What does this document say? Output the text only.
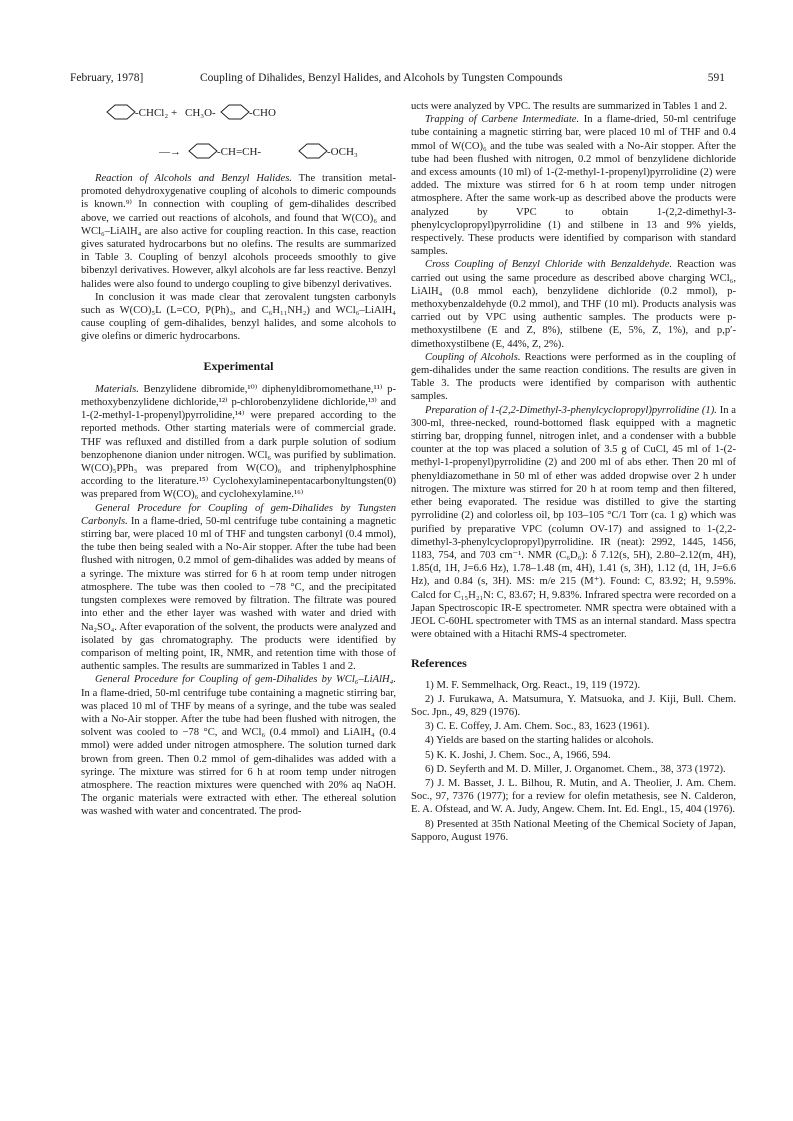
February, 1978]	Coupling of Dihalides, Benzyl Halides, and Alcohols by Tungsten Compounds	591
-CHCl₂ + CH₃O-	-CHO
—→	-CH=CH-	-OCH₃

Reaction of Alcohols and Benzyl Halides. The transition metal-promoted dehydroxygenative coupling of alcohols to dimeric compounds is known.⁹⁾ In connection with coupling of gem-dihalides described above, we carried out reactions of alcohols, and found that W(CO)₆ and WCl₆–LiAlH₄ are also active for coupling reaction. In this case, reaction gives saturated hydrocarbons but no olefins. The results are summarized in Table 3. Coupling of benzyl alcohols proceeds smoothly to give bibenzyl derivatives. However, alkyl alcohols are far less reactive. Benzyl halides were also found to undergo coupling to give bibenzyl derivatives.

In conclusion it was made clear that zerovalent tungsten carbonyls such as W(CO)₅L (L=CO, P(Ph)₃, and C₆H₁₁NH₂) and WCl₆–LiAlH₄ cause coupling of gem-dihalides, benzyl halides, and some alcohols to give olefins or dimeric hydrocarbons.

Experimental

Materials. Benzylidene dibromide,¹⁰⁾ diphenyldibromomethane,¹¹⁾ p-methoxybenzylidene dichloride,¹²⁾ p-chlorobenzylidene dichloride,¹³⁾ and 1-(2-methyl-1-propenyl)pyrrolidine,¹⁴⁾ were prepared according to the reported methods. Other starting materials were of commercial grade. THF was refluxed and distilled from a dark purple solution of sodium benzophenone dianion under nitrogen. WCl₆ was purified by sublimation. W(CO)₅PPh₃ was prepared from W(CO)₆ and triphenylphosphine according to the literature.¹⁵⁾ Cyclohexylaminepentacarbonyltungsten(0) was prepared from W(CO)₆ and cyclohexylamine.¹⁶⁾

General Procedure for Coupling of gem-Dihalides by Tungsten Carbonyls. In a flame-dried, 50-ml centrifuge tube containing a magnetic stirring bar, were placed 10 ml of THF and tungsten carbonyl (0.4 mmol), the tube then being sealed with a No-Air stopper. After the tube had been flushed with nitrogen, 0.2 mmol of gem-dihalides was added by means of a syringe. The mixture was stirred for 6 h at room temp under nitrogen atmosphere. The tube was then cooled to −78 °C, and the precipitated tungsten complexes were removed by filtration. The filtrate was poured into ether and the ether layer was washed with water and dried with Na₂SO₄. After evaporation of the solvent, the products were analyzed and isolated by gas chromatography. The products were identified by comparison of melting point, IR, NMR, and retention time with those of authentic samples. The results are summarized in Tables 1 and 2.

General Procedure for Coupling of gem-Dihalides by WCl₆–LiAlH₄. In a flame-dried, 50-ml centrifuge tube containing a magnetic stirring bar, was placed 10 ml of THF by means of a syringe, and the tube was sealed with a No-Air stopper. After the tube had been flushed with nitrogen, the solvent was cooled to −78 °C, and WCl₆ (0.4 mmol) and LiAlH₄ (0.4 mmol) were added under nitrogen atmosphere. The solution turned dark brown from green. Then 0.2 mmol of gem-dihalides was added with a syringe. The mixture was stirred for 6 h at room temp under nitrogen atmosphere. The reaction mixtures were quenched with 20% aq NaOH. The organic materials were extracted with ether. The ethereal solution was washed with water and concentrated. The prod-

ucts were analyzed by VPC. The results are summarized in Tables 1 and 2.

Trapping of Carbene Intermediate. In a flame-dried, 50-ml centrifuge tube containing a magnetic stirring bar, were placed 10 ml of THF and 0.4 mmol of W(CO)₆ and the tube was sealed with a No-Air stopper. After the tube had been flushed with nitrogen, 0.2 mmol of benzylidene dichloride and excess amounts (10 ml) of 1-(2-methyl-1-propenyl)pyrrolidine (2) were added. The mixture was stirred for 6 h at room temp under nitrogen atmosphere. After the same work-up as described above the products were analyzed by VPC to obtain 1-(2,2-dimethyl-3-phenylcyclopropyl)pyrrolidine (1) and stilbene in 13 and 9% yields, respectively. These products were identified by comparison with standard samples.

Cross Coupling of Benzyl Chloride with Benzaldehyde. Reaction was carried out using the same procedure as described above charging WCl₆, LiAlH₄ (0.8 mmol each), benzylidene dichloride (0.2 mmol), p-methoxybenzaldehyde (0.2 mmol), and THF (10 ml). Products analysis was carried out by VPC using authentic samples. The products were p-methoxystilbene (E and Z, 8%), stilbene (E, 5%, Z, 1%), and p,p′-dimethoxystilbene (E, 44%, Z, 2%).

Coupling of Alcohols. Reactions were performed as in the coupling of gem-dihalides under the same reaction conditions. The results are given in Table 3. The products were identified by comparison with authentic samples.

Preparation of 1-(2,2-Dimethyl-3-phenylcyclopropyl)pyrrolidine (1). In a 300-ml, three-necked, round-bottomed flask equipped with a magnetic stirring bar, dropping funnel, nitrogen inlet, and a condenser with a bubble counter at the top was placed a solution of 3.5 g of CuCl, 45 ml of 1-(2-methyl-1-propenyl)pyrrolidine (2) and 200 ml of abs ether. Then 20 ml of phenyldiazomethane in 50 ml of ether was added dropwise over 2 h under nitrogen. The mixture was stirred for 20 h at room temp and then filtered, ether being evaporated. The residue was distilled to give the starting pyrrolidine (2) and colorless oil, bp 103–105 °C/1 Torr (ca. 1 g) which was purified by preparative VPC (column OV-17) and assigned to 1-(2,2-dimethyl-3-phenylcyclopropyl)pyrrolidine. IR (neat): 2992, 1445, 1456, 1183, 754, and 703 cm⁻¹. NMR (C₆D₆): δ 7.12(s, 5H), 2.80–2.12(m, 4H), 1.85(d, 1H, J=6.6 Hz), 1.78–1.48 (m, 4H), 1.41 (s, 3H), 1.12 (d, 1H, J=6.6 Hz), and 0.84 (s, 3H). MS: m/e 215 (M⁺). Found: C, 83.92; H, 9.59%. Calcd for C₁₅H₂₁N: C, 83.67; H, 9.83%. Infrared spectra were recorded on a Japan Spectroscopic IR-E spectrometer. NMR spectra were obtained with a JEOL C-60HL spectrometer with TMS as an internal standard. Mass spectra were obtained with a Hitachi RMS-4 spectrometer.

References

1) M. F. Semmelhack, Org. React., 19, 119 (1972).

2) J. Furukawa, A. Matsumura, Y. Matsuoka, and J. Kiji, Bull. Chem. Soc. Jpn., 49, 829 (1976).

3) C. E. Coffey, J. Am. Chem. Soc., 83, 1623 (1961).

4) Yields are based on the starting halides or alcohols.

5) K. K. Joshi, J. Chem. Soc., A, 1966, 594.

6) D. Seyferth and M. D. Miller, J. Organomet. Chem., 38, 373 (1972).

7) J. M. Basset, J. L. Bilhou, R. Mutin, and A. Theolier, J. Am. Chem. Soc., 97, 7376 (1977); for a review for olefin metathesis, see N. Calderon, E. A. Ofstead, and W. A. Judy, Angew. Chem. Int. Ed. Engl., 15, 404 (1976).

8) Presented at 35th National Meeting of the Chemical Society of Japan, Sapporo, August 1976.
